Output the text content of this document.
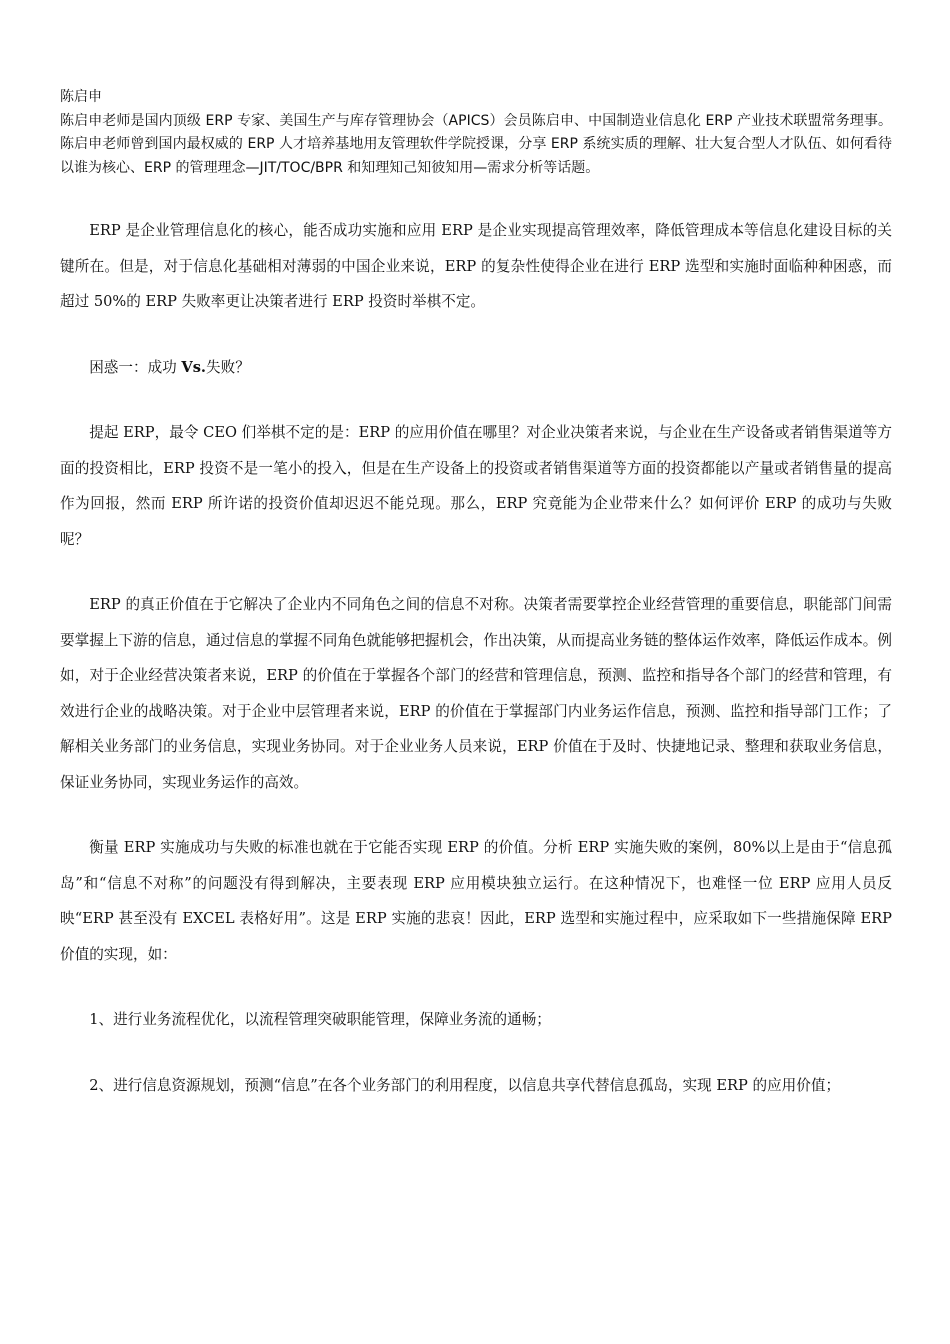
陈启申

陈启申老师是国内顶级 ERP 专家、美国生产与库存管理协会（APICS）会员陈启申、中国制造业信息化 ERP 产业技术联盟常务理事。陈启申老师曾到国内最权威的 ERP 人才培养基地用友管理软件学院授课，分享 ERP 系统实质的理解、壮大复合型人才队伍、如何看待以谁为核心、ERP 的管理理念—JIT/TOC/BPR 和知理知己知彼知用—需求分析等话题。

ERP 是企业管理信息化的核心，能否成功实施和应用 ERP 是企业实现提高管理效率，降低管理成本等信息化建设目标的关键所在。但是，对于信息化基础相对薄弱的中国企业来说，ERP 的复杂性使得企业在进行 ERP 选型和实施时面临种种困惑，而超过 50%的 ERP 失败率更让决策者进行 ERP 投资时举棋不定。

困惑一：成功 Vs.失败？

提起 ERP，最令 CEO 们举棋不定的是：ERP 的应用价值在哪里？对企业决策者来说，与企业在生产设备或者销售渠道等方面的投资相比，ERP 投资不是一笔小的投入，但是在生产设备上的投资或者销售渠道等方面的投资都能以产量或者销售量的提高作为回报，然而 ERP 所许诺的投资价值却迟迟不能兑现。那么，ERP 究竟能为企业带来什么？如何评价 ERP 的成功与失败呢？

ERP 的真正价值在于它解决了企业内不同角色之间的信息不对称。决策者需要掌控企业经营管理的重要信息，职能部门间需要掌握上下游的信息，通过信息的掌握不同角色就能够把握机会，作出决策，从而提高业务链的整体运作效率，降低运作成本。例如，对于企业经营决策者来说，ERP 的价值在于掌握各个部门的经营和管理信息，预测、监控和指导各个部门的经营和管理，有效进行企业的战略决策。对于企业中层管理者来说，ERP 的价值在于掌握部门内业务运作信息，预测、监控和指导部门工作；了解相关业务部门的业务信息，实现业务协同。对于企业业务人员来说，ERP 价值在于及时、快捷地记录、整理和获取业务信息，保证业务协同，实现业务运作的高效。

衡量 ERP 实施成功与失败的标准也就在于它能否实现 ERP 的价值。分析 ERP 实施失败的案例，80%以上是由于“信息孤岛”和“信息不对称”的问题没有得到解决，主要表现 ERP 应用模块独立运行。在这种情况下，也难怪一位 ERP 应用人员反映“ERP 甚至没有 EXCEL 表格好用”。这是 ERP 实施的悲哀！因此，ERP 选型和实施过程中，应采取如下一些措施保障 ERP 价值的实现，如：

1、进行业务流程优化，以流程管理突破职能管理，保障业务流的通畅；

2、进行信息资源规划，预测“信息”在各个业务部门的利用程度，以信息共享代替信息孤岛，实现 ERP 的应用价值；
